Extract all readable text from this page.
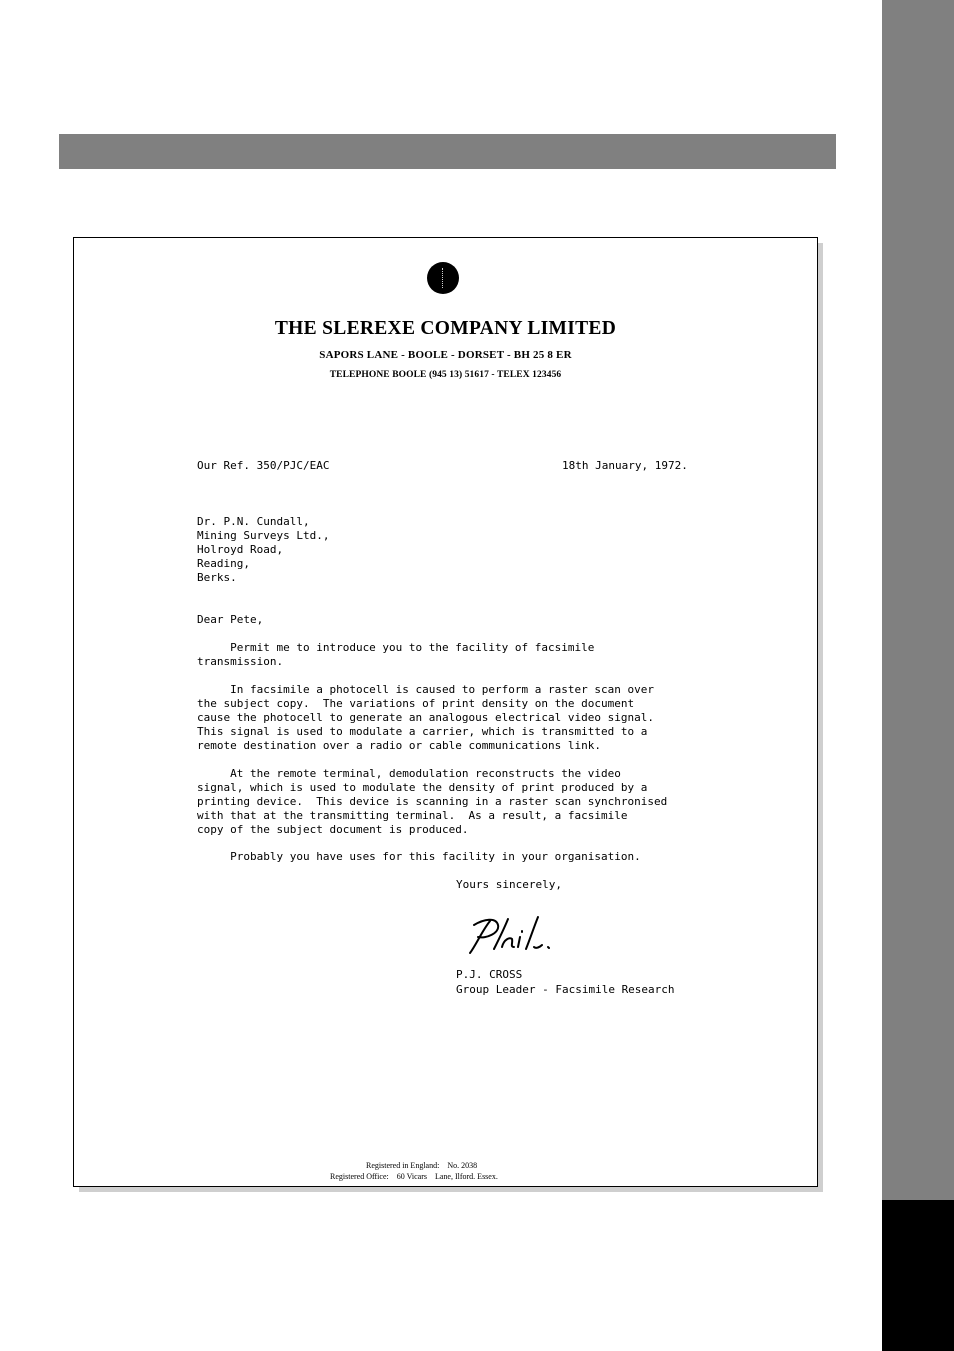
THE SLEREXE COMPANY LIMITED
SAPORS LANE - BOOLE - DORSET - BH 25 8 ER
TELEPHONE BOOLE (945 13) 51617 - TELEX 123456
Our Ref. 350/PJC/EAC	18th January, 1972.
Dr. P.N. Cundall,
Mining Surveys Ltd.,
Holroyd Road,
Reading,
Berks.
Dear Pete,
Permit me to introduce you to the facility of facsimile
transmission.
In facsimile a photocell is caused to perform a raster scan over
the subject copy.  The variations of print density on the document
cause the photocell to generate an analogous electrical video signal.
This signal is used to modulate a carrier, which is transmitted to a
remote destination over a radio or cable communications link.
At the remote terminal, demodulation reconstructs the video
signal, which is used to modulate the density of print produced by a
printing device.  This device is scanning in a raster scan synchronised
with that at the transmitting terminal.  As a result, a facsimile
copy of the subject document is produced.
Probably you have uses for this facility in your organisation.
Yours sincerely,
P.J. CROSS
Group Leader - Facsimile Research
Registered in England:    No. 2038
Registered Office:    60 Vicars    Lane, Ilford. Essex.
